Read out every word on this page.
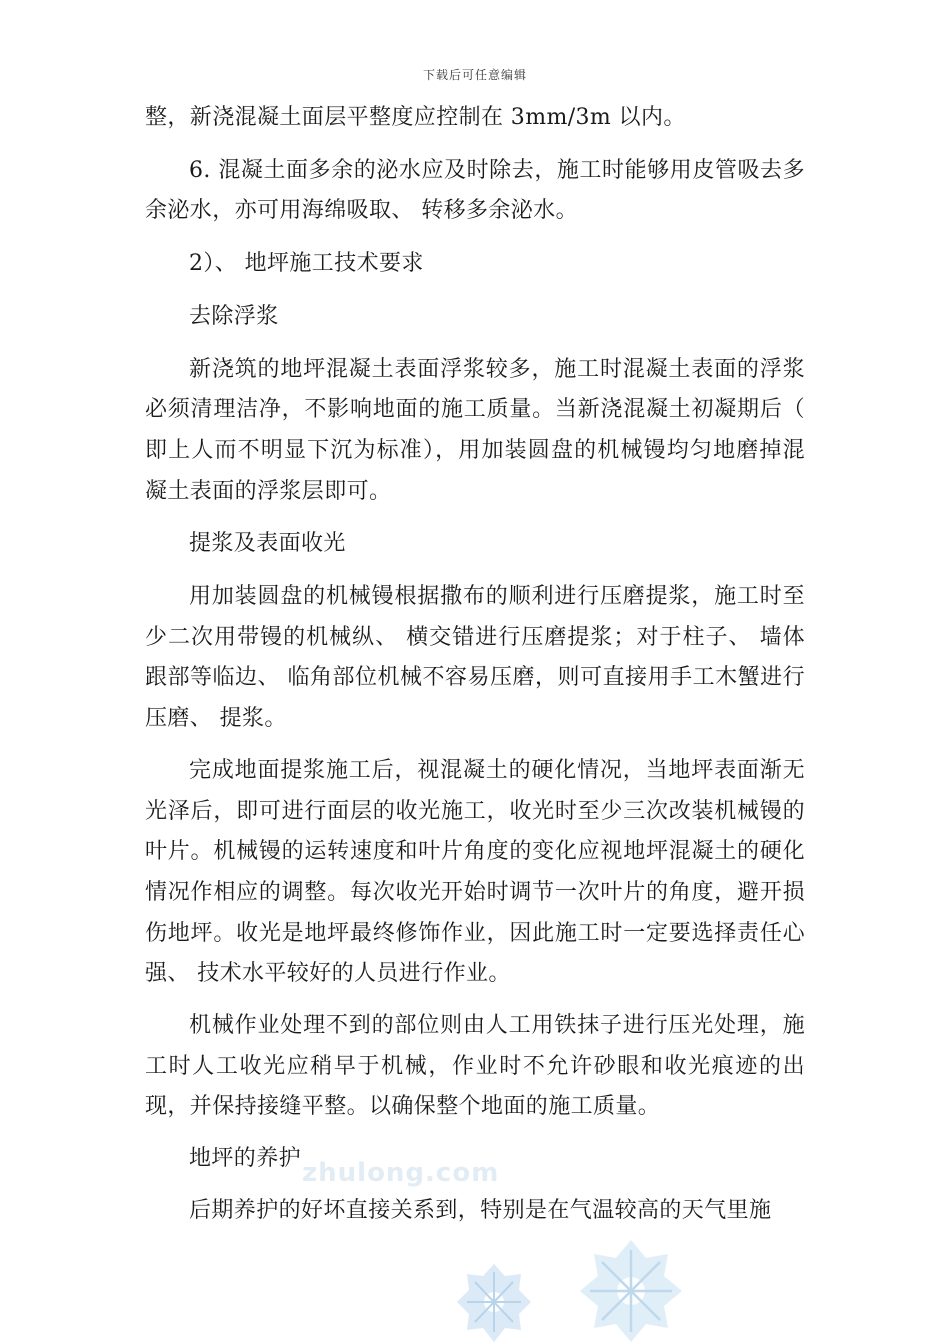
下载后可任意编辑

整，新浇混凝土面层平整度应控制在 3mm/3m 以内。

6. 混凝土面多余的泌水应及时除去，施工时能够用皮管吸去多余泌水，亦可用海绵吸取、 转移多余泌水。

2）、 地坪施工技术要求

去除浮浆

新浇筑的地坪混凝土表面浮浆较多，施工时混凝土表面的浮浆必须清理洁净，不影响地面的施工质量。当新浇混凝土初凝期后（ 即上人而不明显下沉为标准），用加装圆盘的机械镘均匀地磨掉混凝土表面的浮浆层即可。

提浆及表面收光

用加装圆盘的机械镘根据撒布的顺利进行压磨提浆，施工时至少二次用带镘的机械纵、 横交错进行压磨提浆；对于柱子、 墙体跟部等临边、 临角部位机械不容易压磨，则可直接用手工木蟹进行压磨、 提浆。

完成地面提浆施工后，视混凝土的硬化情况，当地坪表面渐无光泽后，即可进行面层的收光施工，收光时至少三次改装机械镘的叶片。机械镘的运转速度和叶片角度的变化应视地坪混凝土的硬化情况作相应的调整。每次收光开始时调节一次叶片的角度，避开损伤地坪。收光是地坪最终修饰作业，因此施工时一定要选择责任心强、 技术水平较好的人员进行作业。

机械作业处理不到的部位则由人工用铁抹子进行压光处理，施工时人工收光应稍早于机械，作业时不允许砂眼和收光痕迹的出现，并保持接缝平整。以确保整个地面的施工质量。

地坪的养护

后期养护的好坏直接关系到，特别是在气温较高的天气里施

zhulong.com
